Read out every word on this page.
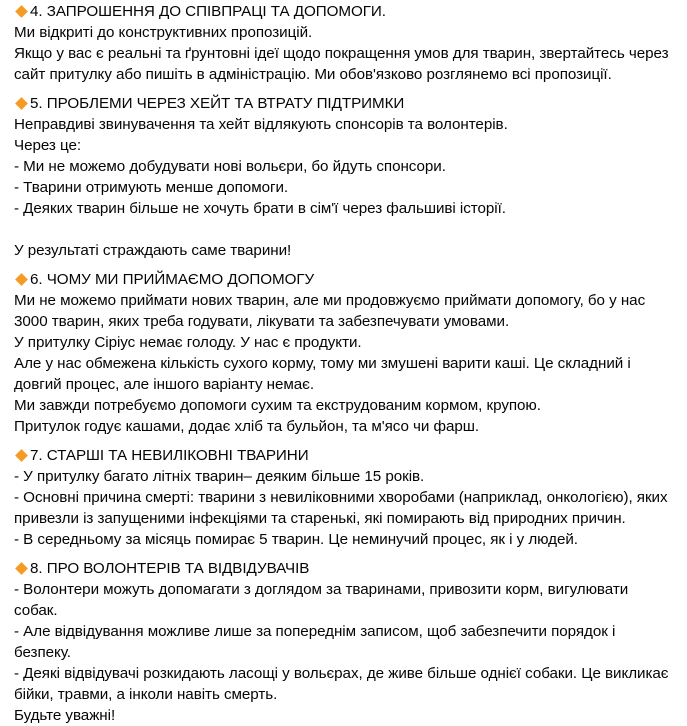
4. ЗАПРОШЕННЯ ДО СПІВПРАЦІ ТА ДОПОМОГИ.
Ми відкриті до конструктивних пропозицій.
Якщо у вас є реальні та ґрунтовні ідеї щодо покращення умов для тварин, звертайтесь через
сайт притулку або пишіть в адміністрацію. Ми обов'язково розглянемо всі пропозиції.
5. ПРОБЛЕМИ ЧЕРЕЗ ХЕЙТ ТА ВТРАТУ ПІДТРИМКИ
Неправдиві звинувачення та хейт відлякують спонсорів та волонтерів.
Через це:
- Ми не можемо добудувати нові вольєри, бо йдуть спонсори.
- Тварини отримують менше допомоги.
- Деяких тварин більше не хочуть брати в сім'ї через фальшиві історії.
У результаті страждають саме тварини!
6. ЧОМУ МИ ПРИЙМАЄМО ДОПОМОГУ
Ми не можемо приймати нових тварин, але ми продовжуємо приймати допомогу, бо у нас
3000 тварин, яких треба годувати, лікувати та забезпечувати умовами.
У притулку Сіріус немає голоду. У нас є продукти.
Але у нас обмежена кількість сухого корму, тому ми змушені варити каші. Це складний і
довгий процес, але іншого варіанту немає.
Ми завжди потребуємо допомоги сухим та екструдованим кормом, крупою.
Притулок годує кашами, додає хліб та бульйон, та м'ясо чи фарш.
7. СТАРШІ ТА НЕВИЛІКОВНІ ТВАРИНИ
- У притулку багато літніх тварин– деяким більше 15 років.
- Основні причина смерті: тварини з невиліковними хворобами (наприклад, онкологією), яких
привезли із запущеними інфекціями та старенькі, які помирають від природних причин.
- В середньому за місяць помирає 5 тварин. Це неминучий процес, як і у людей.
8. ПРО ВОЛОНТЕРІВ ТА ВІДВІДУВАЧІВ
- Волонтери можуть допомагати з доглядом за тваринами, привозити корм, вигулювати
собак.
- Але відвідування можливе лише за попереднім записом, щоб забезпечити порядок і
безпеку.
- Деякі відвідувачі розкидають ласощі у вольєрах, де живе більше однієї собаки. Це викликає
бійки, травми, а інколи навіть смерть.
Будьте уважні!
